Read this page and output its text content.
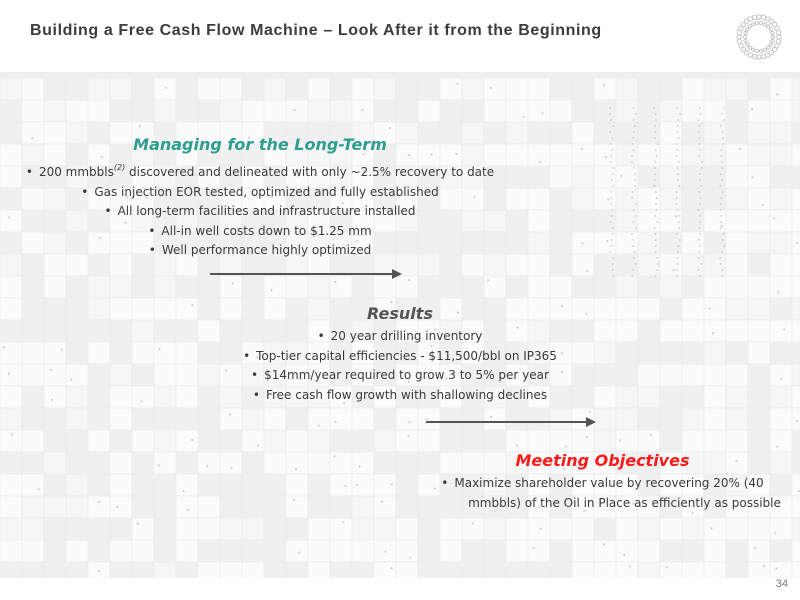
Building a Free Cash Flow Machine – Look After it from the Beginning
Managing for the Long-Term
• 200 mmbbls$^{(2)}$ discovered and delineated with only ~2.5% recovery to date
• Gas injection EOR tested, optimized and fully established
• All long-term facilities and infrastructure installed
• All-in well costs down to $1.25 mm
• Well performance highly optimized
Results
• 20 year drilling inventory
• Top-tier capital efficiencies - $11,500/bbl on IP365
• $14mm/year required to grow 3 to 5% per year
• Free cash flow growth with shallowing declines
Meeting Objectives
• Maximize shareholder value by recovering 20% (40
mmbbls) of the Oil in Place as efficiently as possible
34
